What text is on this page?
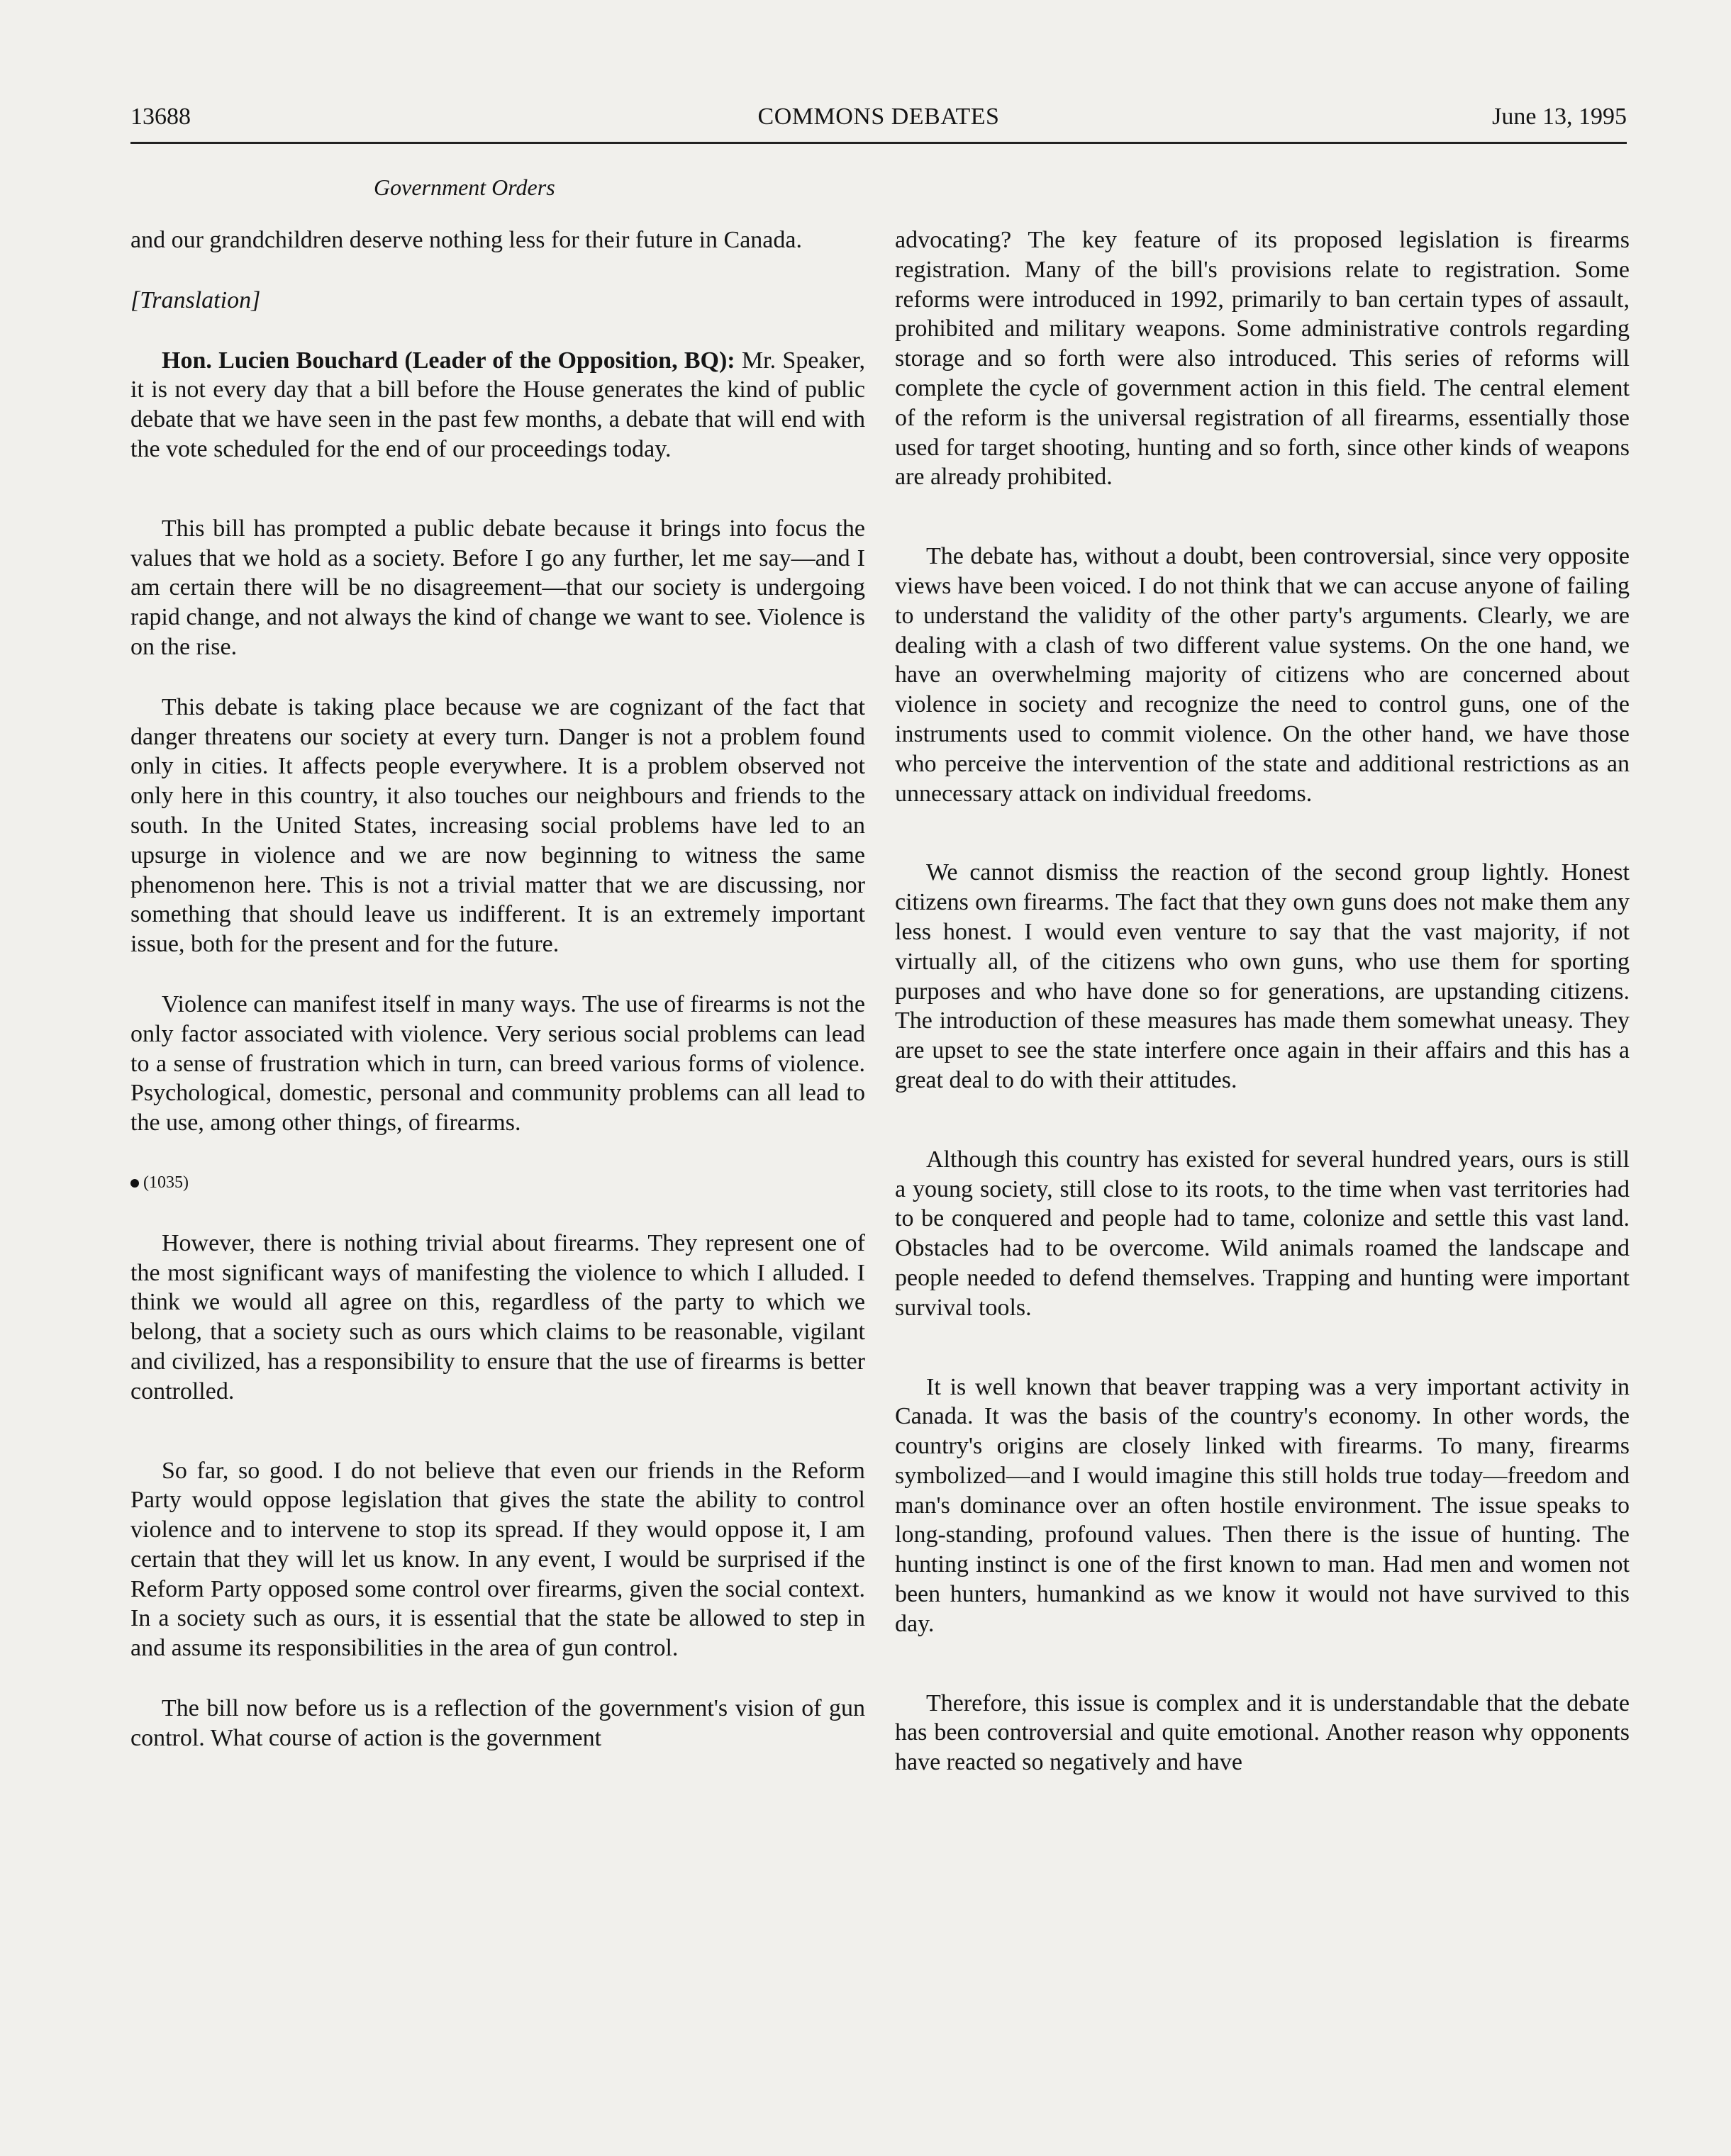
13688	COMMONS DEBATES	June 13, 1995
Government Orders

and our grandchildren deserve nothing less for their future in Canada.

[Translation]

Hon. Lucien Bouchard (Leader of the Opposition, BQ): Mr. Speaker, it is not every day that a bill before the House generates the kind of public debate that we have seen in the past few months, a debate that will end with the vote scheduled for the end of our proceedings today.

This bill has prompted a public debate because it brings into focus the values that we hold as a society. Before I go any further, let me say—and I am certain there will be no disagreement—that our society is undergoing rapid change, and not always the kind of change we want to see. Violence is on the rise.

This debate is taking place because we are cognizant of the fact that danger threatens our society at every turn. Danger is not a problem found only in cities. It affects people everywhere. It is a problem observed not only here in this country, it also touches our neighbours and friends to the south. In the United States, increasing social problems have led to an upsurge in violence and we are now beginning to witness the same phenomenon here. This is not a trivial matter that we are discussing, nor something that should leave us indifferent. It is an extremely important issue, both for the present and for the future.

Violence can manifest itself in many ways. The use of firearms is not the only factor associated with violence. Very serious social problems can lead to a sense of frustration which in turn, can breed various forms of violence. Psychological, domestic, personal and community problems can all lead to the use, among other things, of firearms.

(1035)

However, there is nothing trivial about firearms. They represent one of the most significant ways of manifesting the violence to which I alluded. I think we would all agree on this, regardless of the party to which we belong, that a society such as ours which claims to be reasonable, vigilant and civilized, has a responsibility to ensure that the use of firearms is better controlled.

So far, so good. I do not believe that even our friends in the Reform Party would oppose legislation that gives the state the ability to control violence and to intervene to stop its spread. If they would oppose it, I am certain that they will let us know. In any event, I would be surprised if the Reform Party opposed some control over firearms, given the social context. In a society such as ours, it is essential that the state be allowed to step in and assume its responsibilities in the area of gun control.

The bill now before us is a reflection of the government's vision of gun control. What course of action is the government

advocating? The key feature of its proposed legislation is firearms registration. Many of the bill's provisions relate to registration. Some reforms were introduced in 1992, primarily to ban certain types of assault, prohibited and military weapons. Some administrative controls regarding storage and so forth were also introduced. This series of reforms will complete the cycle of government action in this field. The central element of the reform is the universal registration of all firearms, essentially those used for target shooting, hunting and so forth, since other kinds of weapons are already prohibited.

The debate has, without a doubt, been controversial, since very opposite views have been voiced. I do not think that we can accuse anyone of failing to understand the validity of the other party's arguments. Clearly, we are dealing with a clash of two different value systems. On the one hand, we have an overwhelming majority of citizens who are concerned about violence in society and recognize the need to control guns, one of the instruments used to commit violence. On the other hand, we have those who perceive the intervention of the state and additional restrictions as an unnecessary attack on individual freedoms.

We cannot dismiss the reaction of the second group lightly. Honest citizens own firearms. The fact that they own guns does not make them any less honest. I would even venture to say that the vast majority, if not virtually all, of the citizens who own guns, who use them for sporting purposes and who have done so for generations, are upstanding citizens. The introduction of these measures has made them somewhat uneasy. They are upset to see the state interfere once again in their affairs and this has a great deal to do with their attitudes.

Although this country has existed for several hundred years, ours is still a young society, still close to its roots, to the time when vast territories had to be conquered and people had to tame, colonize and settle this vast land. Obstacles had to be overcome. Wild animals roamed the landscape and people needed to defend themselves. Trapping and hunting were important survival tools.

It is well known that beaver trapping was a very important activity in Canada. It was the basis of the country's economy. In other words, the country's origins are closely linked with firearms. To many, firearms symbolized—and I would imagine this still holds true today—freedom and man's dominance over an often hostile environment. The issue speaks to long-standing, profound values. Then there is the issue of hunting. The hunting instinct is one of the first known to man. Had men and women not been hunters, humankind as we know it would not have survived to this day.

Therefore, this issue is complex and it is understandable that the debate has been controversial and quite emotional. Another reason why opponents have reacted so negatively and have
